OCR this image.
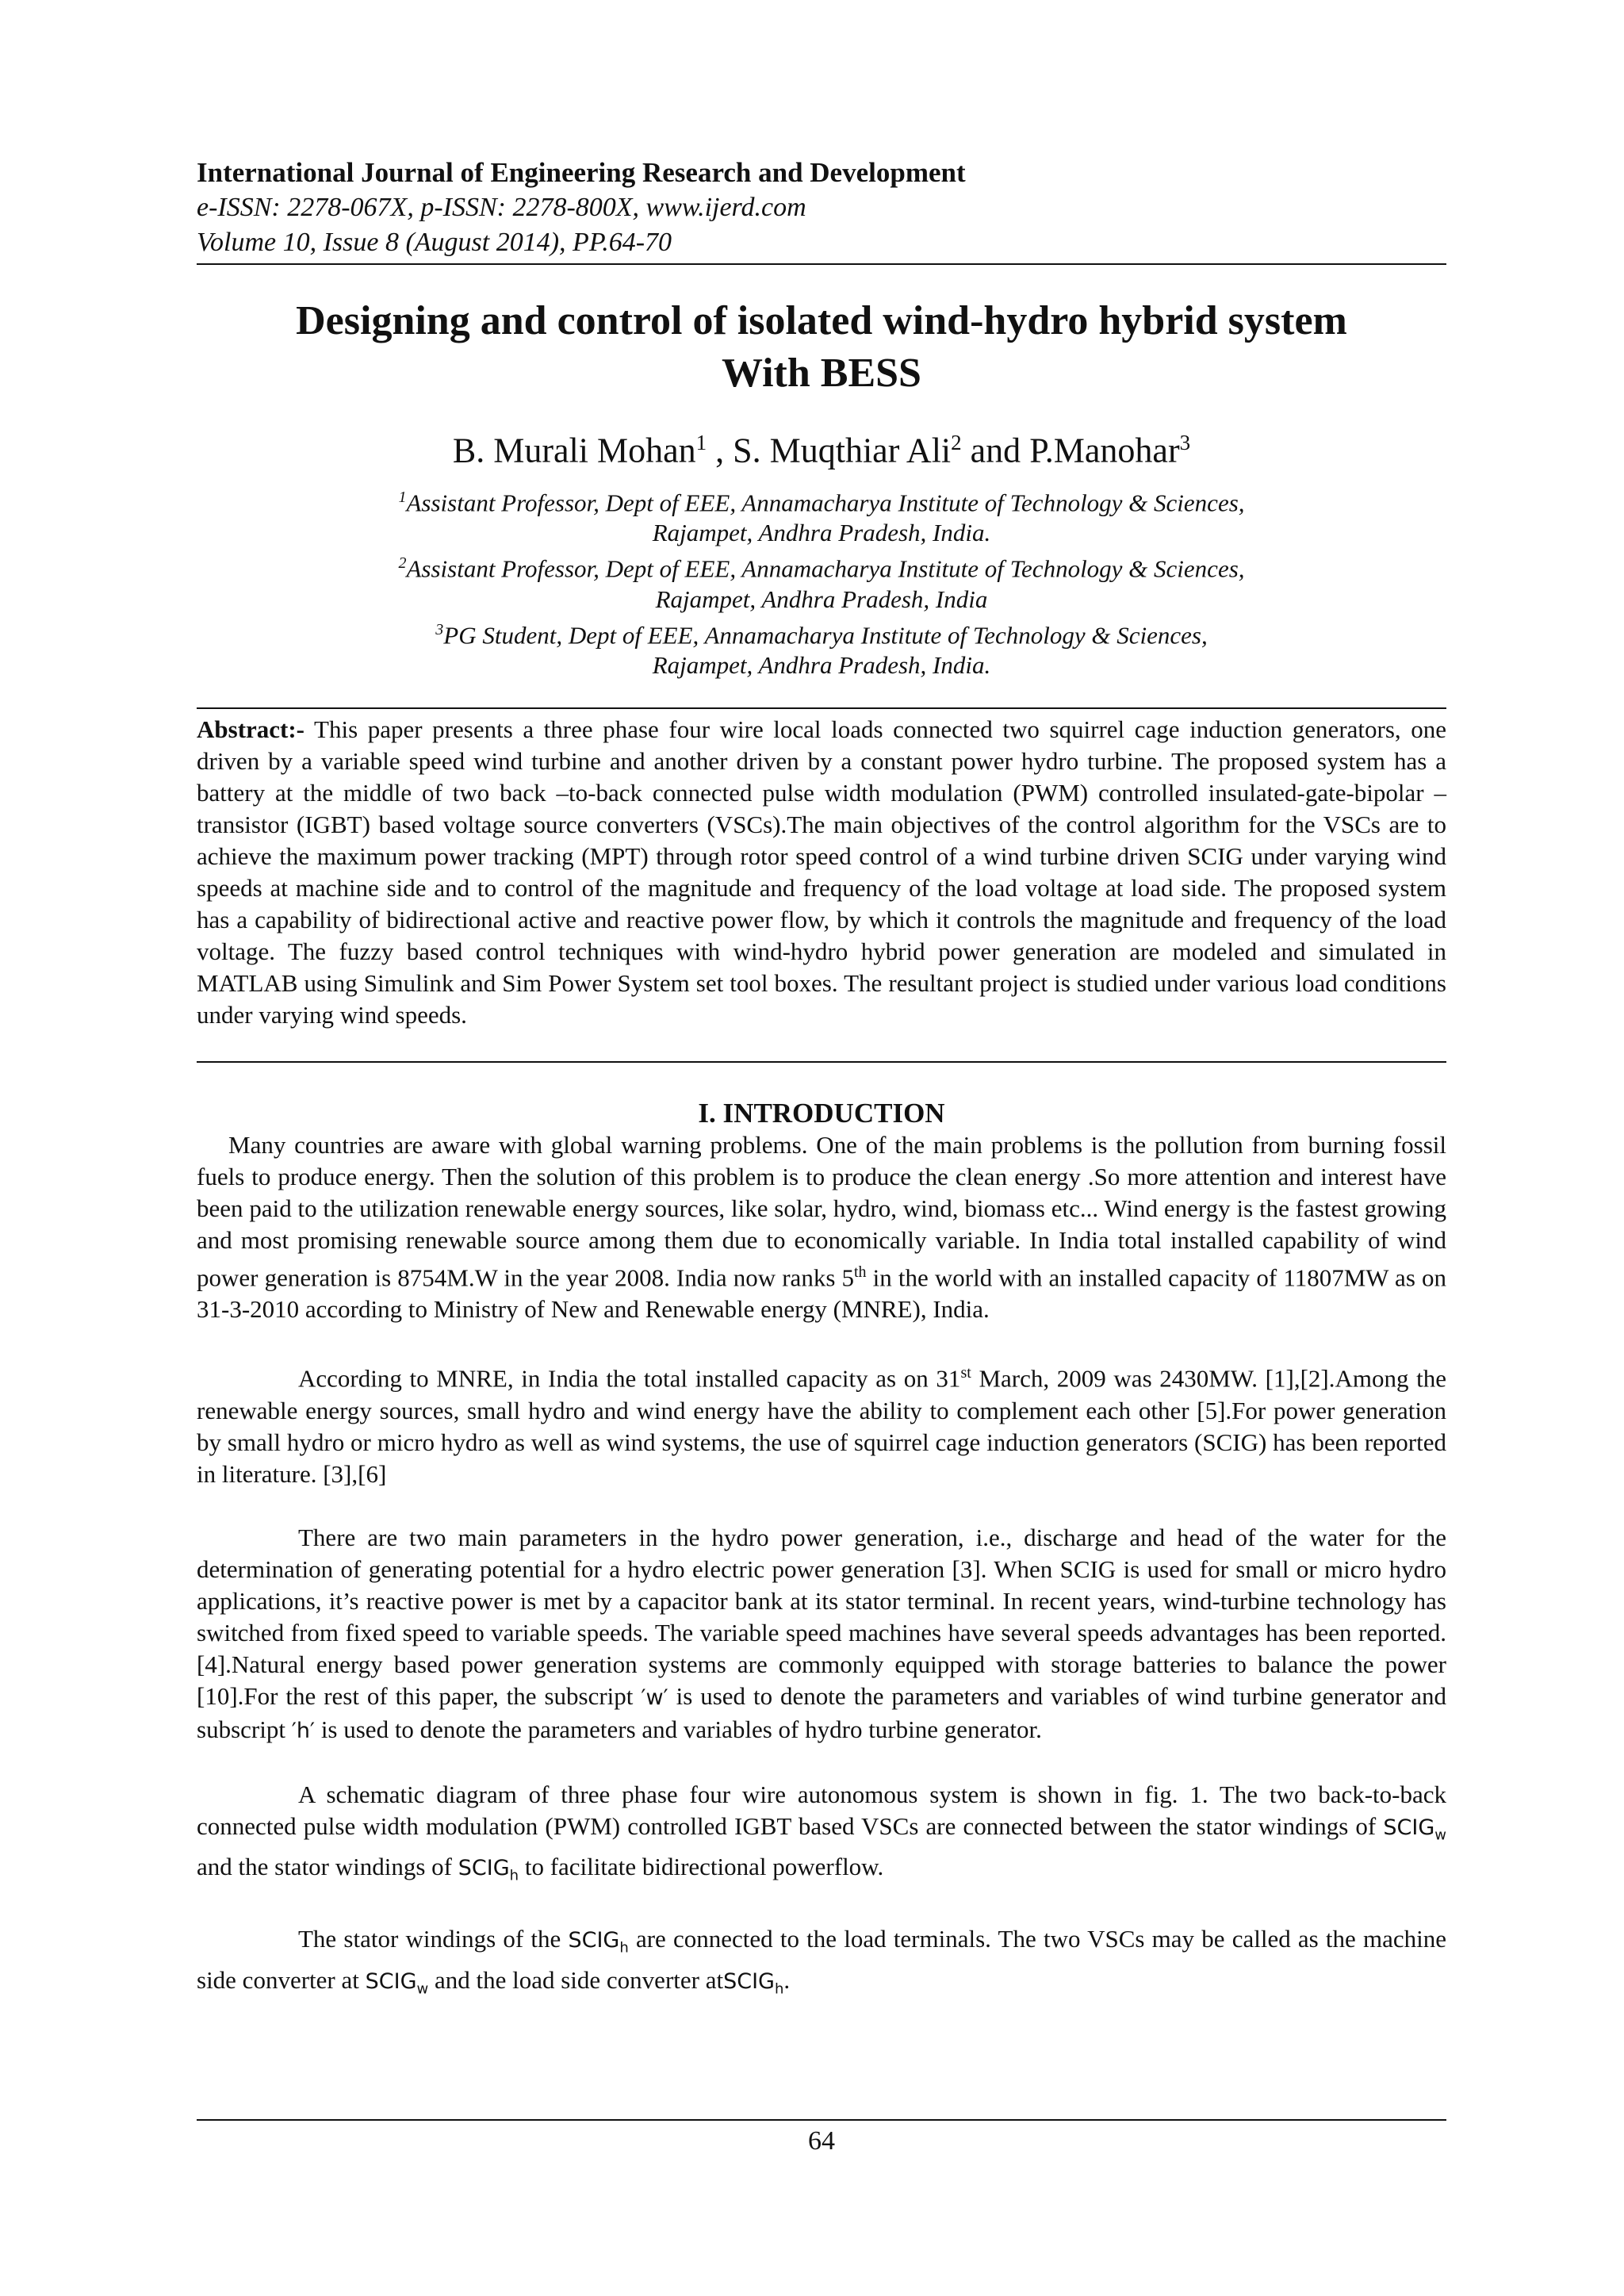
International Journal of Engineering Research and Development
e-ISSN: 2278-067X, p-ISSN: 2278-800X, www.ijerd.com
Volume 10, Issue 8 (August 2014), PP.64-70
Designing and control of isolated wind-hydro hybrid system
With BESS
B. Murali Mohan$^1$ , S. Muqthiar Ali$^2$ and P.Manohar$^3$
$^1$Assistant Professor, Dept of EEE, Annamacharya Institute of Technology & Sciences,
Rajampet, Andhra Pradesh, India.
$^2$Assistant Professor, Dept of EEE, Annamacharya Institute of Technology & Sciences,
Rajampet, Andhra Pradesh, India
$^3$PG Student, Dept of EEE, Annamacharya Institute of Technology & Sciences,
Rajampet, Andhra Pradesh, India.
Abstract:- This paper presents a three phase four wire local loads connected two squirrel cage induction generators, one driven by a variable speed wind turbine and another driven by a constant power hydro turbine. The proposed system has a battery at the middle of two back –to-back connected pulse width modulation (PWM) controlled insulated-gate-bipolar –transistor (IGBT) based voltage source converters (VSCs).The main objectives of the control algorithm for the VSCs are to achieve the maximum power tracking (MPT) through rotor speed control of a wind turbine driven SCIG under varying wind speeds at machine side and to control of the magnitude and frequency of the load voltage at load side. The proposed system has a capability of bidirectional active and reactive power flow, by which it controls the magnitude and frequency of the load voltage. The fuzzy based control techniques with wind-hydro hybrid power generation are modeled and simulated in MATLAB using Simulink and Sim Power System set tool boxes. The resultant project is studied under various load conditions under varying wind speeds.
I. INTRODUCTION

Many countries are aware with global warning problems. One of the main problems is the pollution from burning fossil fuels to produce energy. Then the solution of this problem is to produce the clean energy .So more attention and interest have been paid to the utilization renewable energy sources, like solar, hydro, wind, biomass etc... Wind energy is the fastest growing and most promising renewable source among them due to economically variable. In India total installed capability of wind power generation is 8754M.W in the year 2008. India now ranks 5th in the world with an installed capacity of 11807MW as on 31-3-2010 according to Ministry of New and Renewable energy (MNRE), India.

According to MNRE, in India the total installed capacity as on 31st March, 2009 was 2430MW. [1],[2].Among the renewable energy sources, small hydro and wind energy have the ability to complement each other [5].For power generation by small hydro or micro hydro as well as wind systems, the use of squirrel cage induction generators (SCIG) has been reported in literature. [3],[6]

There are two main parameters in the hydro power generation, i.e., discharge and head of the water for the determination of generating potential for a hydro electric power generation [3]. When SCIG is used for small or micro hydro applications, it’s reactive power is met by a capacitor bank at its stator terminal. In recent years, wind-turbine technology has switched from fixed speed to variable speeds. The variable speed machines have several speeds advantages has been reported.[4].Natural energy based power generation systems are commonly equipped with storage batteries to balance the power [10].For the rest of this paper, the subscript ′w′ is used to denote the parameters and variables of wind turbine generator and subscript ′h′ is used to denote the parameters and variables of hydro turbine generator.

A schematic diagram of three phase four wire autonomous system is shown in fig. 1. The two back-to-back connected pulse width modulation (PWM) controlled IGBT based VSCs are connected between the stator windings of $SCIG_w$ and the stator windings of $SCIG_h$ to facilitate bidirectional powerflow.

The stator windings of the $SCIG_h$ are connected to the load terminals. The two VSCs may be called as the machine side converter at $SCIG_w$ and the load side converter atSCIG$_h$.

64
